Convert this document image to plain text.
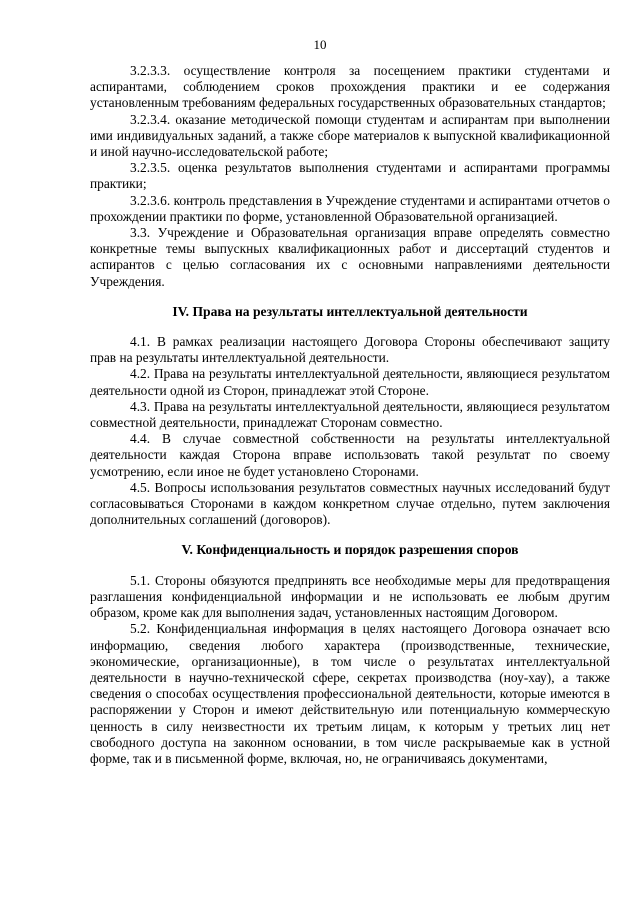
10

3.2.3.3. осуществление контроля за посещением практики студентами и аспирантами, соблюдением сроков прохождения практики и ее содержания установленным требованиям федеральных государственных образовательных стандартов;

3.2.3.4. оказание методической помощи студентам и аспирантам при выполнении ими индивидуальных заданий, а также сборе материалов к выпускной квалификационной и иной научно-исследовательской работе;

3.2.3.5. оценка результатов выполнения студентами и аспирантами программы практики;

3.2.3.6. контроль представления в Учреждение студентами и аспирантами отчетов о прохождении практики по форме, установленной Образовательной организацией.

3.3. Учреждение и Образовательная организация вправе определять совместно конкретные темы выпускных квалификационных работ и диссертаций студентов и аспирантов с целью согласования их с основными направлениями деятельности Учреждения.

IV. Права на результаты интеллектуальной деятельности

4.1. В рамках реализации настоящего Договора Стороны обеспечивают защиту прав на результаты интеллектуальной деятельности.

4.2. Права на результаты интеллектуальной деятельности, являющиеся результатом деятельности одной из Сторон, принадлежат этой Стороне.

4.3. Права на результаты интеллектуальной деятельности, являющиеся результатом совместной деятельности, принадлежат Сторонам совместно.

4.4. В случае совместной собственности на результаты интеллектуальной деятельности каждая Сторона вправе использовать такой результат по своему усмотрению, если иное не будет установлено Сторонами.

4.5. Вопросы использования результатов совместных научных исследований будут согласовываться Сторонами в каждом конкретном случае отдельно, путем заключения дополнительных соглашений (договоров).

V. Конфиденциальность и порядок разрешения споров

5.1. Стороны обязуются предпринять все необходимые меры для предотвращения разглашения конфиденциальной информации и не использовать ее любым другим образом, кроме как для выполнения задач, установленных настоящим Договором.

5.2. Конфиденциальная информация в целях настоящего Договора означает всю информацию, сведения любого характера (производственные, технические, экономические, организационные), в том числе о результатах интеллектуальной деятельности в научно-технической сфере, секретах производства (ноу-хау), а также сведения о способах осуществления профессиональной деятельности, которые имеются в распоряжении у Сторон и имеют действительную или потенциальную коммерческую ценность в силу неизвестности их третьим лицам, к которым у третьих лиц нет свободного доступа на законном основании, в том числе раскрываемые как в устной форме, так и в письменной форме, включая, но, не ограничиваясь документами,
